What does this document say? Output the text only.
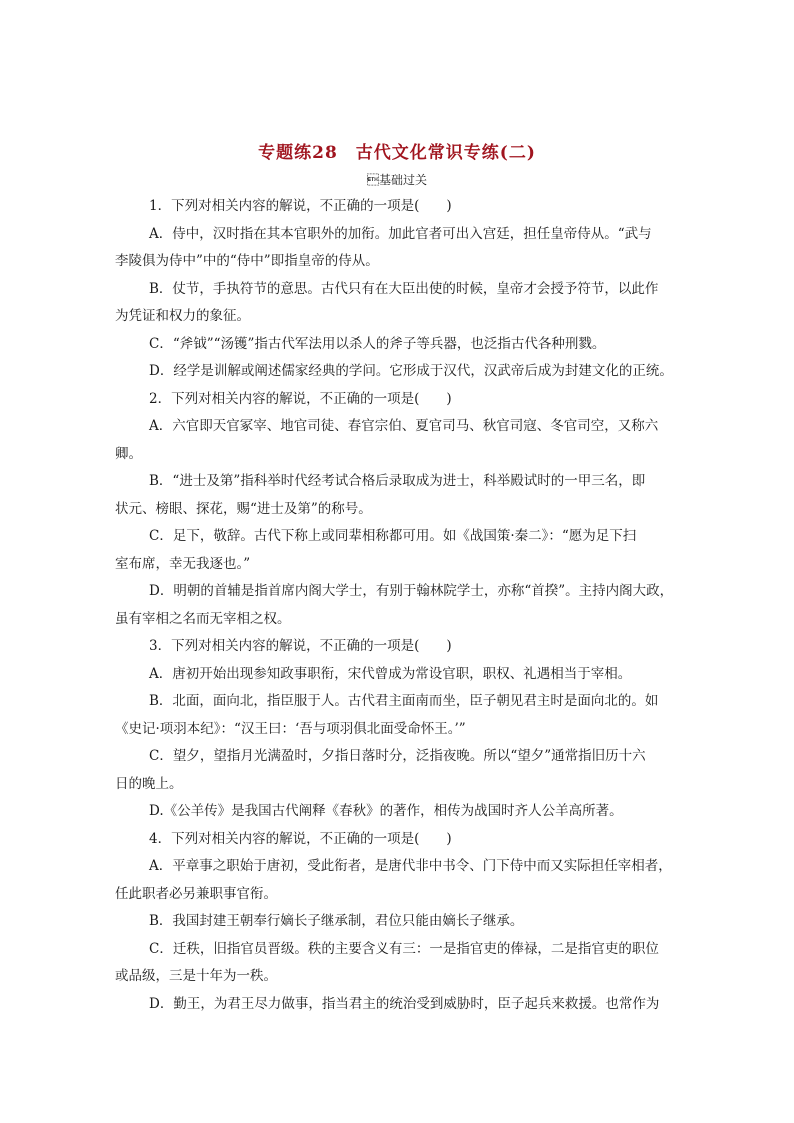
专题练28　古代文化常识专练(二)
基础过关
1．下列对相关内容的解说，不正确的一项是(　　)
A．侍中，汉时指在其本官职外的加衔。加此官者可出入宫廷，担任皇帝侍从。“武与
李陵俱为侍中”中的“侍中”即指皇帝的侍从。
B．仗节，手执符节的意思。古代只有在大臣出使的时候，皇帝才会授予符节，以此作
为凭证和权力的象征。
C．“斧钺”“汤镬”指古代军法用以杀人的斧子等兵器，也泛指古代各种刑戮。
D．经学是训解或阐述儒家经典的学问。它形成于汉代，汉武帝后成为封建文化的正统。
2．下列对相关内容的解说，不正确的一项是(　　)
A．六官即天官冢宰、地官司徒、春官宗伯、夏官司马、秋官司寇、冬官司空，又称六
卿。
B．“进士及第”指科举时代经考试合格后录取成为进士，科举殿试时的一甲三名，即
状元、榜眼、探花，赐“进士及第”的称号。
C．足下，敬辞。古代下称上或同辈相称都可用。如《战国策·秦二》：“愿为足下扫
室布席，幸无我逐也。”
D．明朝的首辅是指首席内阁大学士，有别于翰林院学士，亦称“首揆”。主持内阁大政，
虽有宰相之名而无宰相之权。
3．下列对相关内容的解说，不正确的一项是(　　)
A．唐初开始出现参知政事职衔，宋代曾成为常设官职，职权、礼遇相当于宰相。
B．北面，面向北，指臣服于人。古代君主面南而坐，臣子朝见君主时是面向北的。如
《史记·项羽本纪》：“汉王曰：‘吾与项羽俱北面受命怀王。’”
C．望夕，望指月光满盈时，夕指日落时分，泛指夜晚。所以“望夕”通常指旧历十六
日的晚上。
D.《公羊传》是我国古代阐释《春秋》的著作，相传为战国时齐人公羊高所著。
4．下列对相关内容的解说，不正确的一项是(　　)
A．平章事之职始于唐初，受此衔者，是唐代非中书令、门下侍中而又实际担任宰相者，
任此职者必另兼职事官衔。
B．我国封建王朝奉行嫡长子继承制，君位只能由嫡长子继承。
C．迁秩，旧指官员晋级。秩的主要含义有三：一是指官吏的俸禄，二是指官吏的职位
或品级，三是十年为一秩。
D．勤王，为君王尽力做事，指当君主的统治受到威胁时，臣子起兵来救援。也常作为
